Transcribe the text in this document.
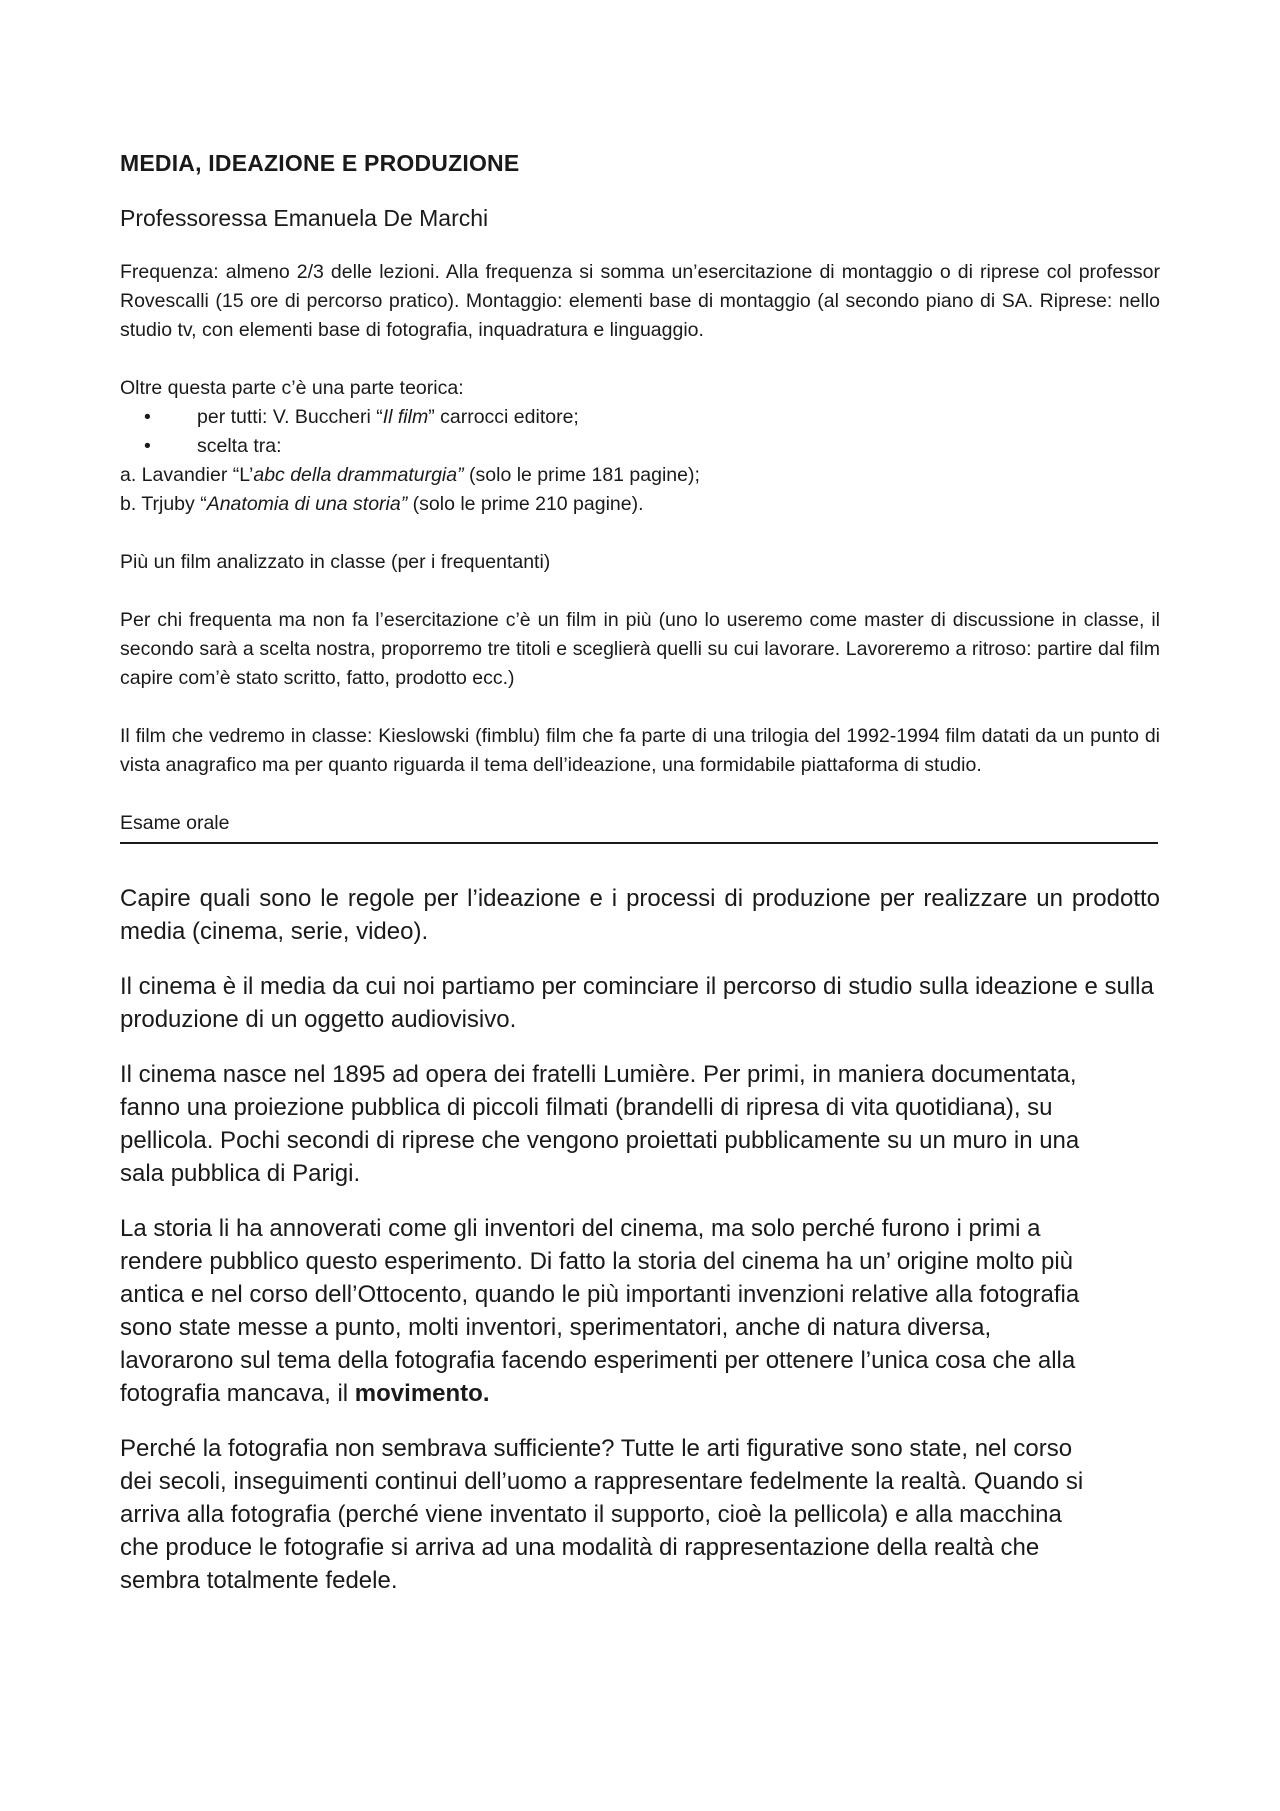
MEDIA, IDEAZIONE E PRODUZIONE
Professoressa Emanuela De Marchi
Frequenza: almeno 2/3 delle lezioni. Alla frequenza si somma un’esercitazione di montaggio o di riprese col professor Rovescalli (15 ore di percorso pratico). Montaggio: elementi base di montaggio (al secondo piano di SA. Riprese: nello studio tv, con elementi base di fotografia, inquadratura e linguaggio.
Oltre questa parte c’è una parte teorica:
•	per tutti: V. Buccheri “Il film” carrocci editore;
•	scelta tra:
a. Lavandier “L’abc della drammaturgia” (solo le prime 181 pagine);
b. Trjuby “Anatomia di una storia” (solo le prime 210 pagine).
Più un film analizzato in classe (per i frequentanti)
Per chi frequenta ma non fa l’esercitazione c’è un film in più (uno lo useremo come master di discussione in classe, il secondo sarà a scelta nostra, proporremo tre titoli e sceglierà quelli su cui lavorare. Lavoreremo a ritroso: partire dal film capire com’è stato scritto, fatto, prodotto ecc.)
Il film che vedremo in classe: Kieslowski (fimblu) film che fa parte di una trilogia del 1992-1994 film datati da un punto di vista anagrafico ma per quanto riguarda il tema dell’ideazione, una formidabile piattaforma di studio.
Esame orale
Capire quali sono le regole per l’ideazione e i processi di produzione per realizzare un prodotto media (cinema, serie, video).
Il cinema è il media da cui noi partiamo per cominciare il percorso di studio sulla ideazione e sulla produzione di un oggetto audiovisivo.
Il cinema nasce nel 1895 ad opera dei fratelli Lumière. Per primi, in maniera documentata,
fanno una proiezione pubblica di piccoli filmati (brandelli di ripresa di vita quotidiana), su
pellicola. Pochi secondi di riprese che vengono proiettati pubblicamente su un muro in una
sala pubblica di Parigi.
La storia li ha annoverati come gli inventori del cinema, ma solo perché furono i primi a
rendere pubblico questo esperimento. Di fatto la storia del cinema ha un’ origine molto più
antica e nel corso dell’Ottocento, quando le più importanti invenzioni relative alla fotografia
sono state messe a punto, molti inventori, sperimentatori, anche di natura diversa,
lavorarono sul tema della fotografia facendo esperimenti per ottenere l’unica cosa che alla
fotografia mancava, il movimento.
Perché la fotografia non sembrava sufficiente? Tutte le arti figurative sono state, nel corso
dei secoli, inseguimenti continui dell’uomo a rappresentare fedelmente la realtà. Quando si
arriva alla fotografia (perché viene inventato il supporto, cioè la pellicola) e alla macchina
che produce le fotografie si arriva ad una modalità di rappresentazione della realtà che
sembra totalmente fedele.
